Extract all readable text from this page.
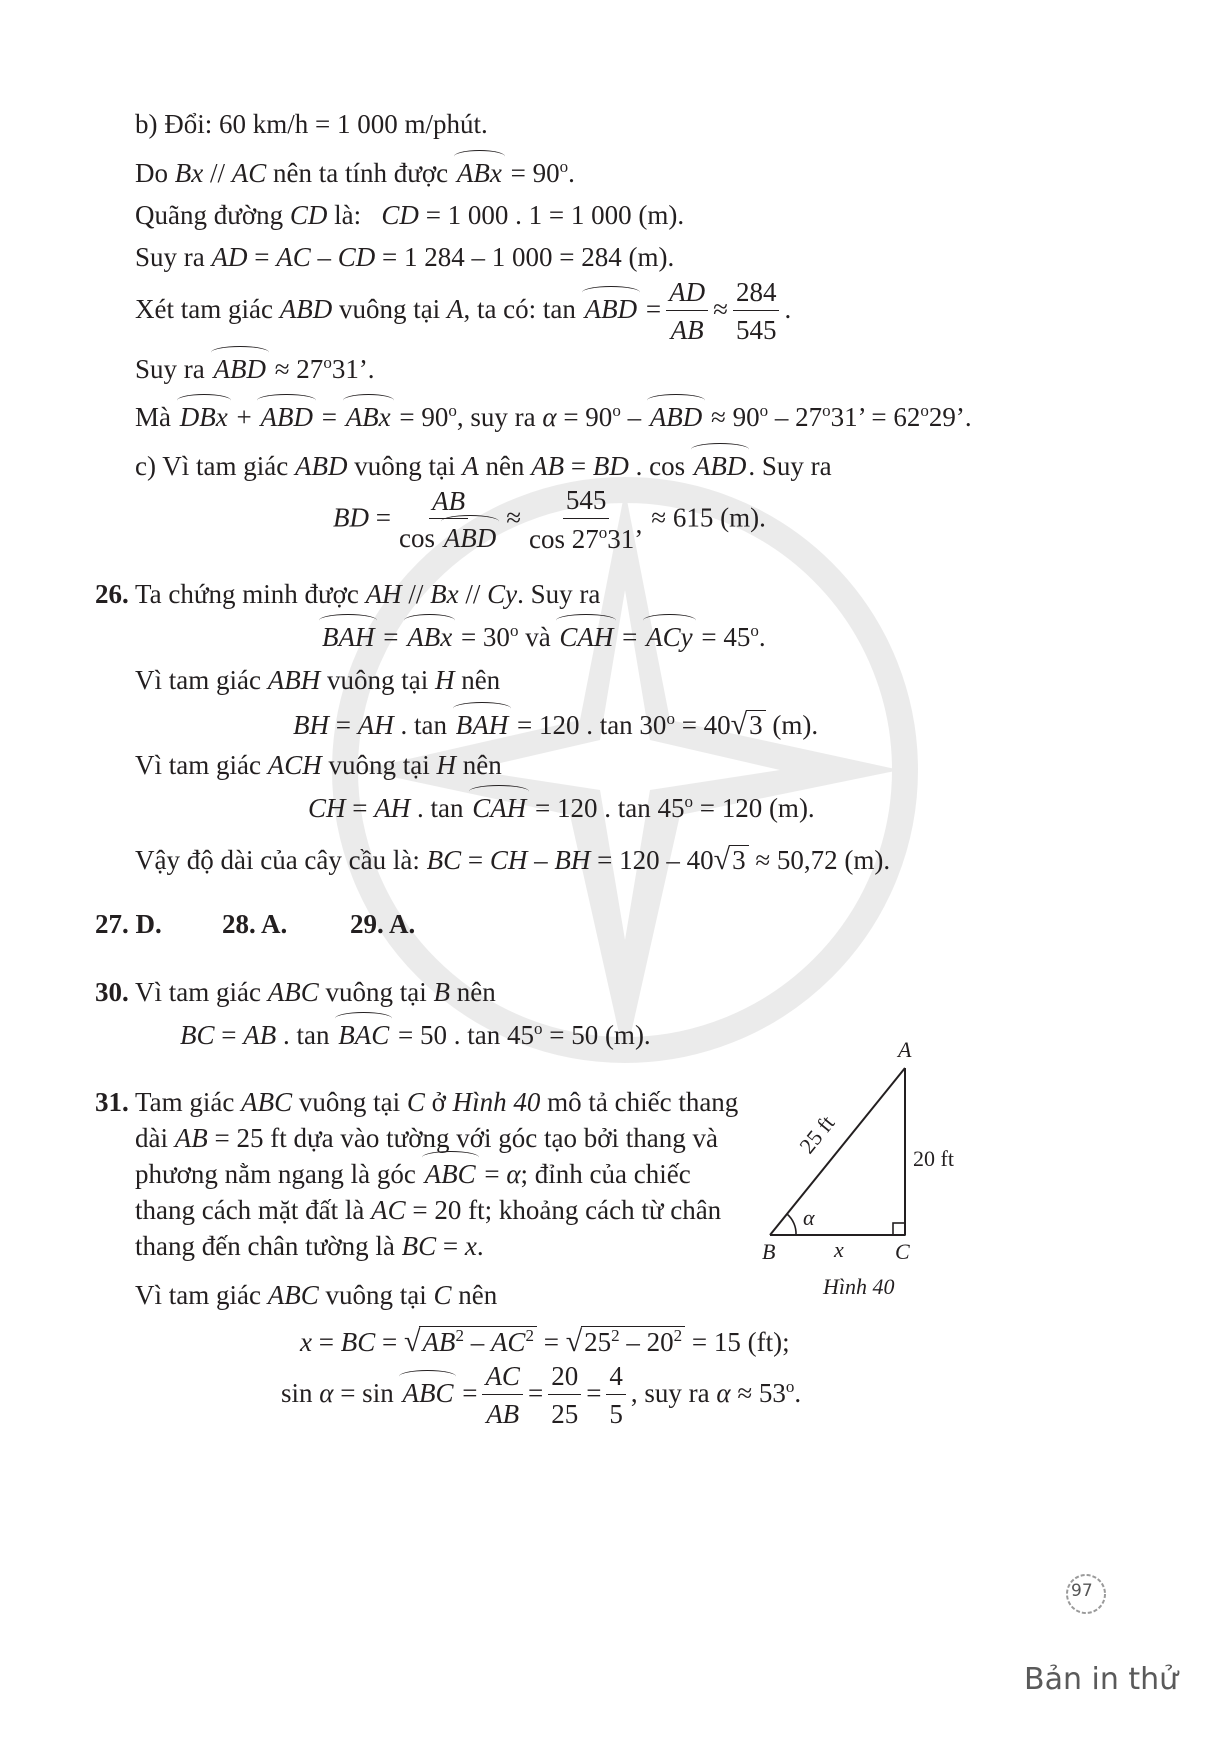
b) Đổi: 60 km/h = 1 000 m/phút.
Do Bx // AC nên ta tính được ABx = $90^o$.
Quãng đường CD là:   CD = 1 000 . 1 = 1 000 (m).
Suy ra AD = AC – CD = 1 284 – 1 000 = 284 (m).
Xét tam giác ABD vuông tại A, ta có: tan ABD = $\frac{AD}{AB} \approx \frac{284}{545}$ .
Suy ra ABD ≈ $27^o31$’.
Mà DBx + ABD = ABx = $90^o$, suy ra $\alpha = 90^o$ – ABD ≈ $90^o - 27^o31$’ = $62^o29$’.
c) Vì tam giác ABD vuông tại A nên AB = BD . cos ABD. Suy ra
BD = $\frac{AB}{\text{cos ABD}} \approx \frac{545}{\cos 27^o31’} \approx 615$ (m).
26. Ta chứng minh được AH // Bx // Cy. Suy ra
BAH = ABx = $30^o$ và CAH = ACy = $45^o$.
Vì tam giác ABH vuông tại H nên
BH = AH . tan BAH = 120 . $\tan 30^o = 40√3$ (m).
Vì tam giác ACH vuông tại H nên
CH = AH . tan CAH = 120 . $\tan 45^o = 120$ (m).
Vậy độ dài của cây cầu là: BC = CH – BH = 120 – 40√3 ≈ 50,72 (m).
27. D. 28. A. 29. A.
30. Vì tam giác ABC vuông tại B nên
BC = AB . tan BAC = 50 . $\tan 45^o = 50$ (m).
31. Tam giác ABC vuông tại C ở Hình 40 mô tả chiếc thang
dài AB = 25 ft dựa vào tường với góc tạo bởi thang và
phương nằm ngang là góc ABC = α; đỉnh của chiếc
thang cách mặt đất là AC = 20 ft; khoảng cách từ chân
thang đến chân tường là BC = x.
Vì tam giác ABC vuông tại C nên
x = BC = $√AB^2 - AC^2 = √25^2 - 20^2 = 15$ (ft);
sin α = sin ABC = $\frac{AC}{AB} = \frac{20}{25} = \frac{4}{5}$ , suy ra $\alpha \approx 53^o$.
A
B	C
x
α
25 ft
20 ft
Hình 40
97
Bản in thử
